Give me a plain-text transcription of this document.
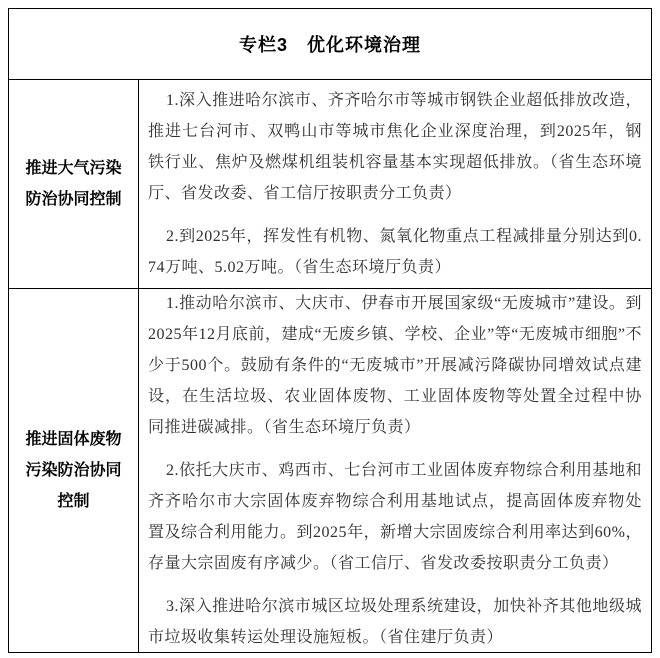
专栏3　优化环境治理
推进大气污染防治协同控制

1.深入推进哈尔滨市、齐齐哈尔市等城市钢铁企业超低排放改造，推进七台河市、双鸭山市等城市焦化企业深度治理，到2025年，钢铁行业、焦炉及燃煤机组装机容量基本实现超低排放。（省生态环境厅、省发改委、省工信厅按职责分工负责）

2.到2025年，挥发性有机物、氮氧化物重点工程减排量分别达到0.74万吨、5.02万吨。（省生态环境厅负责）

推进固体废物污染防治协同控制

1.推动哈尔滨市、大庆市、伊春市开展国家级“无废城市”建设。到2025年12月底前，建成“无废乡镇、学校、企业”等“无废城市细胞”不少于500个。鼓励有条件的“无废城市”开展减污降碳协同增效试点建设，在生活垃圾、农业固体废物、工业固体废物等处置全过程中协同推进碳减排。（省生态环境厅负责）

2.依托大庆市、鸡西市、七台河市工业固体废弃物综合利用基地和齐齐哈尔市大宗固体废弃物综合利用基地试点，提高固体废弃物处置及综合利用能力。到2025年，新增大宗固废综合利用率达到60%，存量大宗固废有序减少。（省工信厅、省发改委按职责分工负责）

3.深入推进哈尔滨市城区垃圾处理系统建设，加快补齐其他地级城市垃圾收集转运处理设施短板。（省住建厅负责）
